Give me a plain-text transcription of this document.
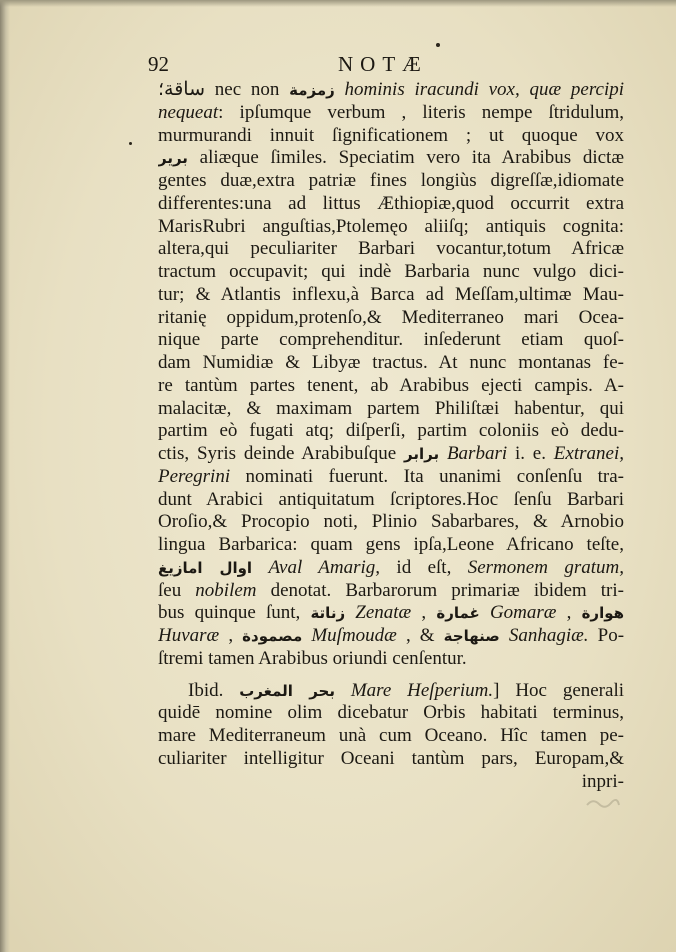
92	NOTÆ
ساقة؛ nec non زمزمة hominis iracundi vox, quæ percipi
nequeat: ipſumque verbum , literis nempe ſtridulum,
murmurandi innuit ſignificationem ; ut quoque vox
برير aliæque ſimiles. Speciatim vero ita Arabibus dictæ
gentes duæ,extra patriæ fines longiùs digreſſæ,idiomate
differentes:una ad littus Æthiopiæ,quod occurrit extra
MarisRubri anguſtias,Ptolemęo aliiſq; antiquis cognita:
altera,qui peculiariter Barbari vocantur,totum Africæ
tractum occupavit; qui indè Barbaria nunc vulgo dici-
tur; & Atlantis inflexu,à Barca ad Meſſam,ultimæ Mau-
ritanię oppidum,protenſo,& Mediterraneo mari Ocea-
nique parte comprehenditur. inſederunt etiam quoſ-
dam Numidiæ & Libyæ tractus. At nunc montanas fe-
re tantùm partes tenent, ab Arabibus ejecti campis. A-
malacitæ, & maximam partem Philiſtæi habentur, qui
partim eò fugati atq; diſperſi, partim coloniis eò dedu-
ctis, Syris deinde Arabibuſque برابر Barbari i. e. Extranei,
Peregrini nominati fuerunt. Ita unanimi conſenſu tra-
dunt Arabici antiquitatum ſcriptores.Hoc ſenſu Barbari
Oroſio,& Procopio noti, Plinio Sabarbares, & Arnobio
lingua Barbarica: quam gens ipſa,Leone Africano teſte,
اوال امازيغ Aval Amarig, id eſt, Sermonem gratum,
ſeu nobilem denotat. Barbarorum primariæ ibidem tri-
bus quinque ſunt, زناتة Zenatæ , غمارة Gomaræ , هوارة
Huvaræ , مصمودة Muſmoudæ , & صنهاجة Sanhagiæ. Po-
ſtremi tamen Arabibus oriundi cenſentur.
Ibid. بحر المغرب Mare Heſperium.] Hoc generali
quidē nomine olim dicebatur Orbis habitati terminus,
mare Mediterraneum unà cum Oceano. Hîc tamen pe-
culiariter intelligitur Oceani tantùm pars, Europam,&
inpri-
